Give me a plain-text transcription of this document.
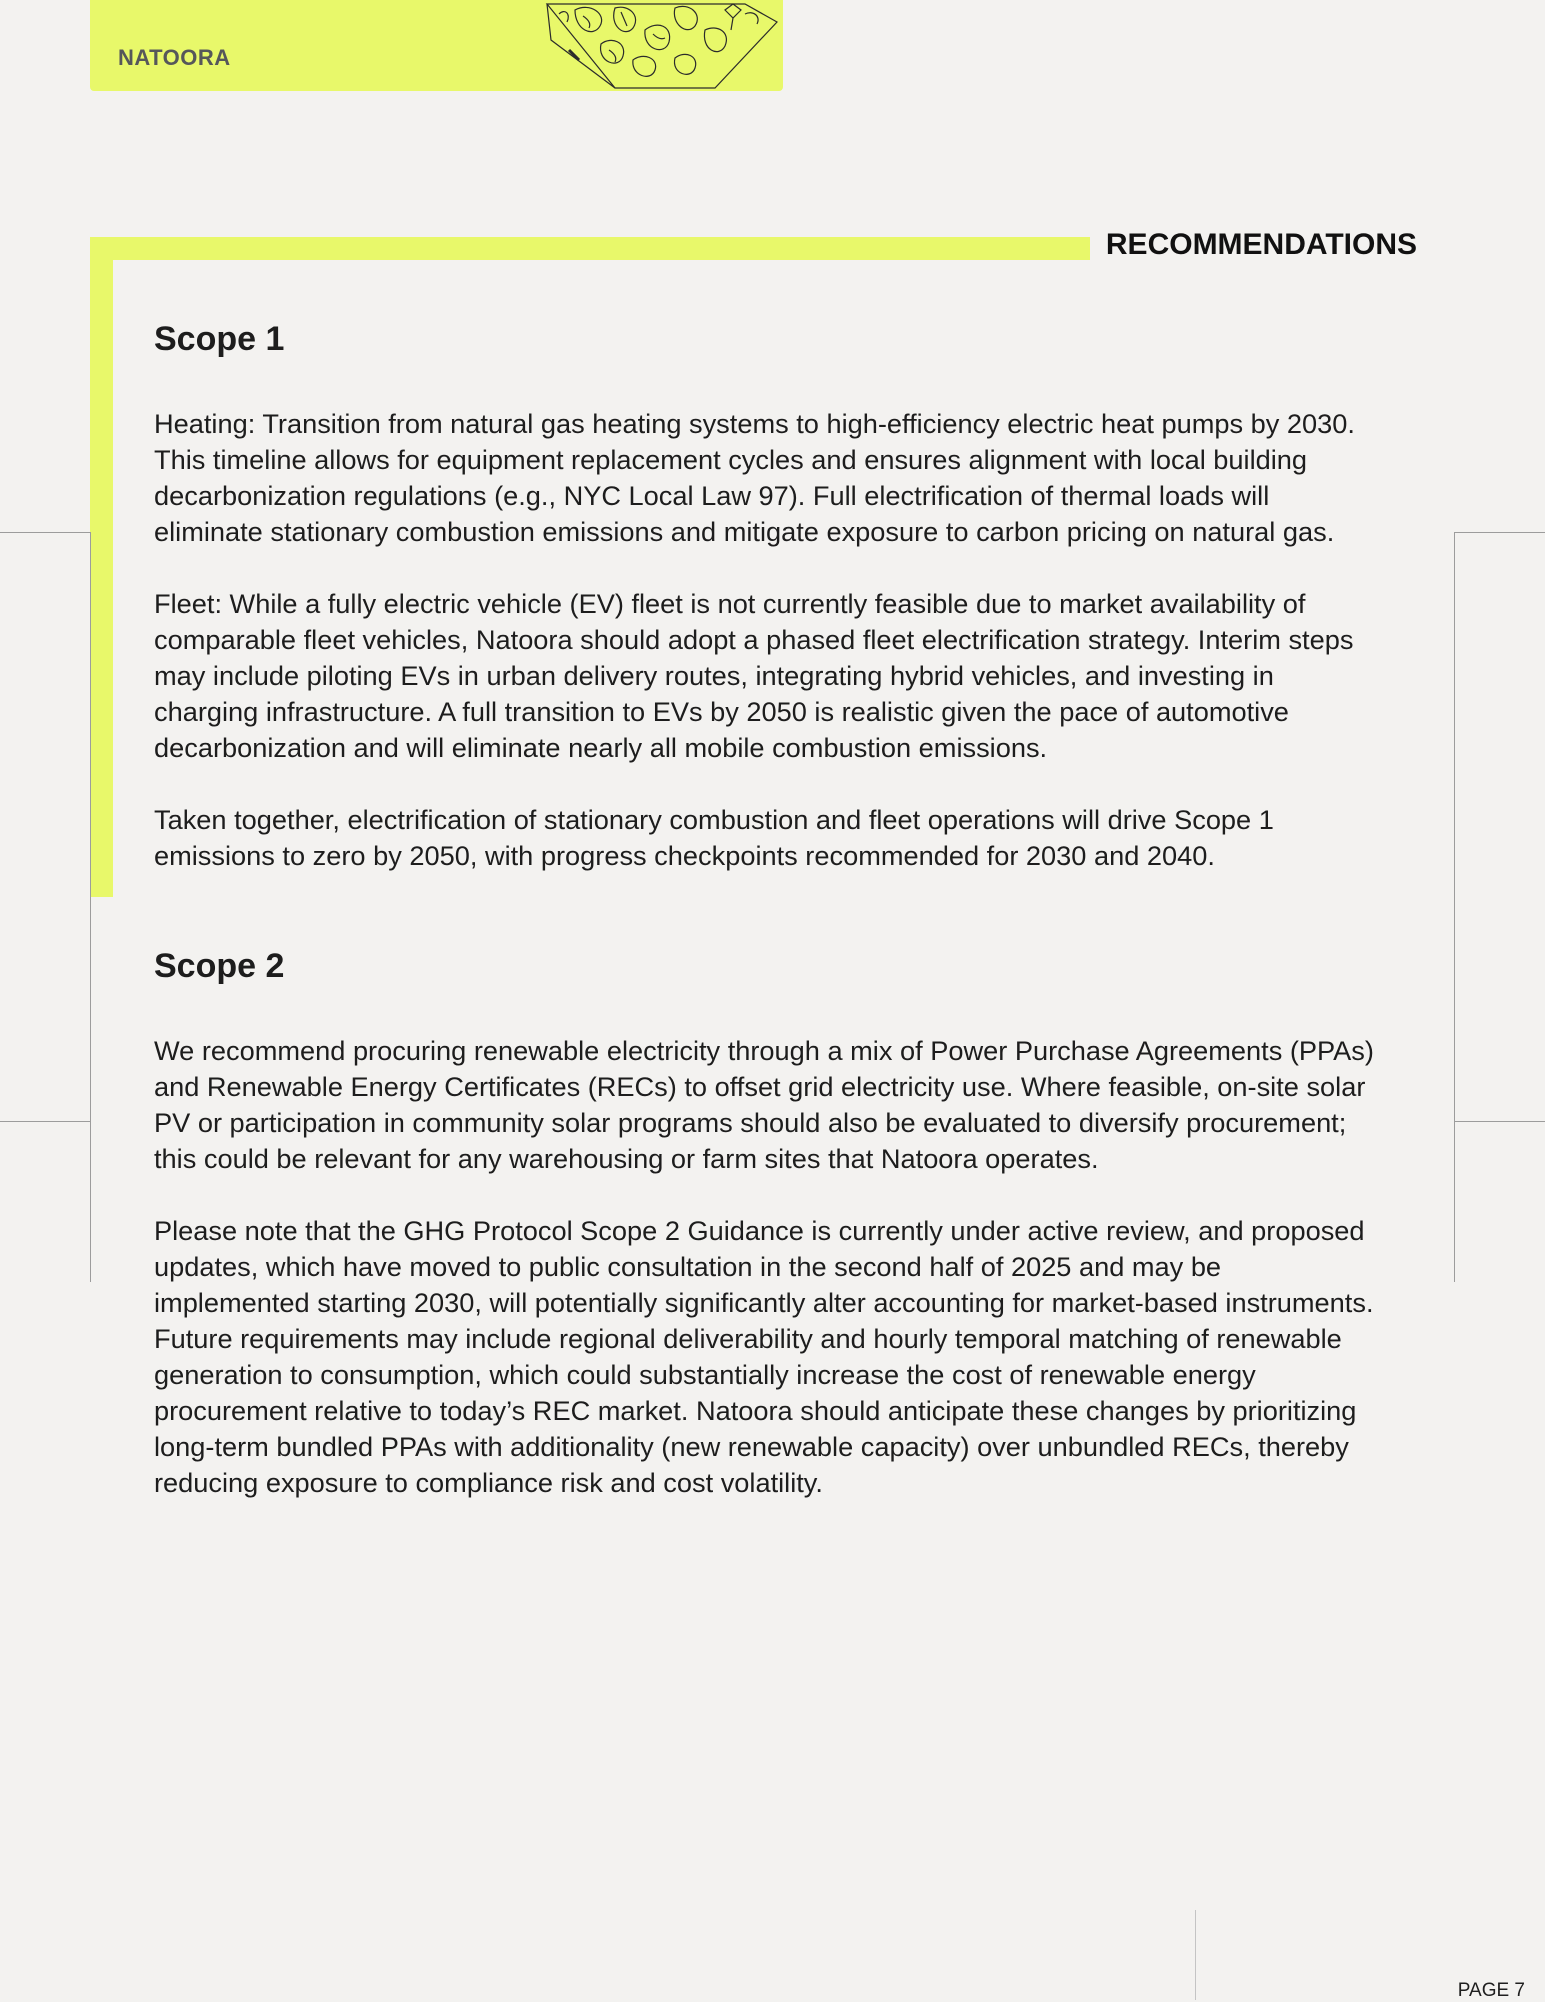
NATOORA
RECOMMENDATIONS
Scope 1

Heating: Transition from natural gas heating systems to high-efficiency electric heat pumps by 2030. This timeline allows for equipment replacement cycles and ensures alignment with local building decarbonization regulations (e.g., NYC Local Law 97). Full electrification of thermal loads will eliminate stationary combustion emissions and mitigate exposure to carbon pricing on natural gas.

Fleet: While a fully electric vehicle (EV) fleet is not currently feasible due to market availability of comparable fleet vehicles, Natoora should adopt a phased fleet electrification strategy. Interim steps may include piloting EVs in urban delivery routes, integrating hybrid vehicles, and investing in charging infrastructure. A full transition to EVs by 2050 is realistic given the pace of automotive decarbonization and will eliminate nearly all mobile combustion emissions.

Taken together, electrification of stationary combustion and fleet operations will drive Scope 1 emissions to zero by 2050, with progress checkpoints recommended for 2030 and 2040.

Scope 2

We recommend procuring renewable electricity through a mix of Power Purchase Agreements (PPAs) and Renewable Energy Certificates (RECs) to offset grid electricity use. Where feasible, on-site solar PV or participation in community solar programs should also be evaluated to diversify procurement; this could be relevant for any warehousing or farm sites that Natoora operates.

Please note that the GHG Protocol Scope 2 Guidance is currently under active review, and proposed updates, which have moved to public consultation in the second half of 2025 and may be implemented starting 2030, will potentially significantly alter accounting for market-based instruments. Future requirements may include regional deliverability and hourly temporal matching of renewable generation to consumption, which could substantially increase the cost of renewable energy procurement relative to today’s REC market. Natoora should anticipate these changes by prioritizing long-term bundled PPAs with additionality (new renewable capacity) over unbundled RECs, thereby reducing exposure to compliance risk and cost volatility.

PAGE 7
